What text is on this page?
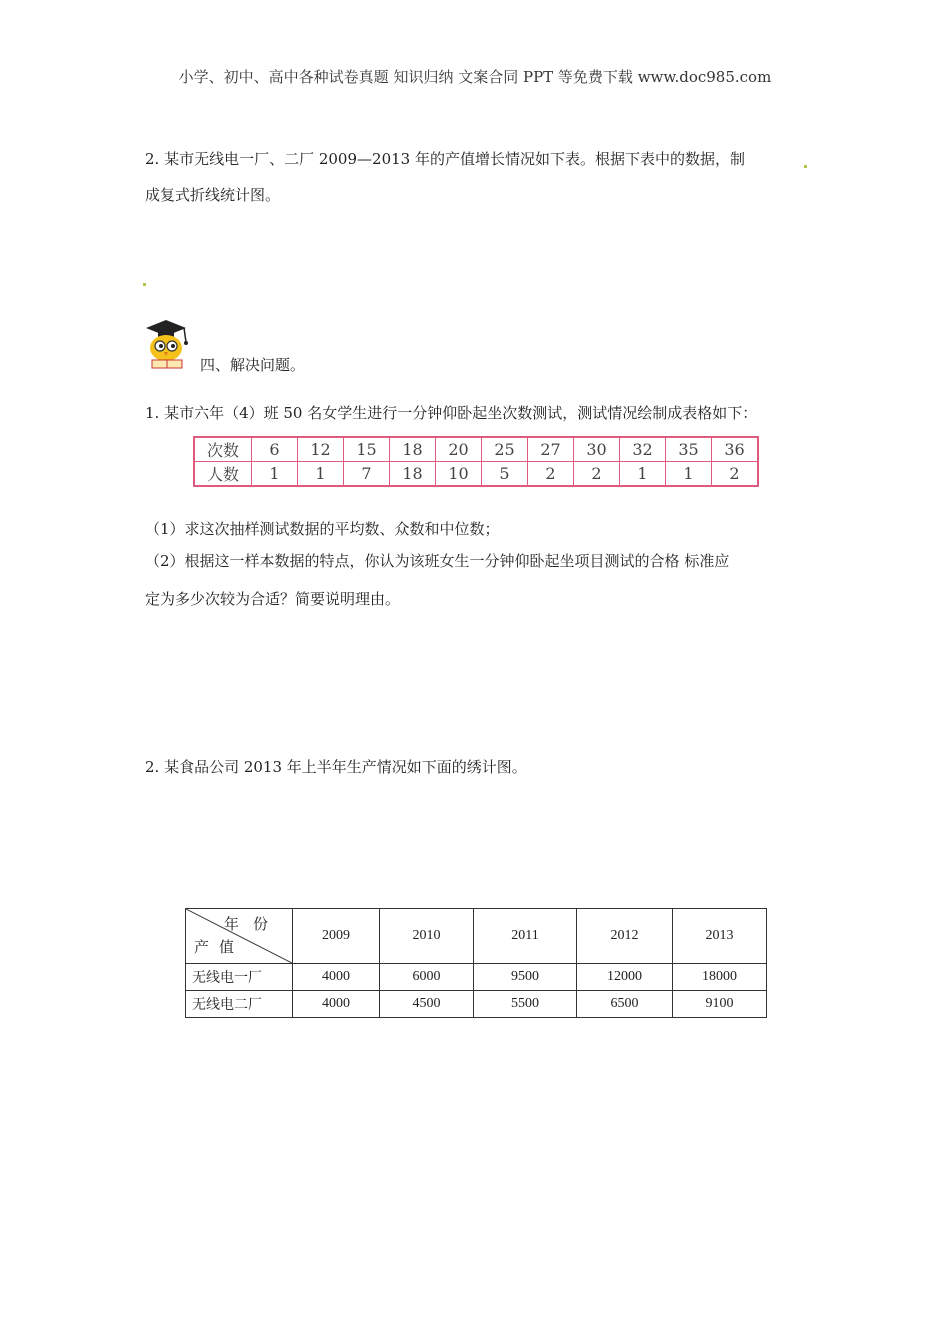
小学、初中、高中各种试卷真题 知识归纳 文案合同 PPT 等免费下载 www.doc985.com
2. 某市无线电一厂、二厂 2009—2013 年的产值增长情况如下表。根据下表中的数据，制
成复式折线统计图。
四、解决问题。
1. 某市六年（4）班 50 名女学生进行一分钟仰卧起坐次数测试，测试情况绘制成表格如下：
次数	6	12	15	18	20	25	27	30	32	35	36
人数	1	1	7	18	10	5	2	2	1	1	2
（1）求这次抽样测试数据的平均数、众数和中位数；
（2）根据这一样本数据的特点，你认为该班女生一分钟仰卧起坐项目测试的合格 标准应
定为多少次较为合适？简要说明理由。
2. 某食品公司 2013 年上半年生产情况如下面的绣计图。
年份
产值	2009	2010	2011	2012	2013
无线电一厂	4000	6000	9500	12000	18000
无线电二厂	4000	4500	5500	6500	9100
